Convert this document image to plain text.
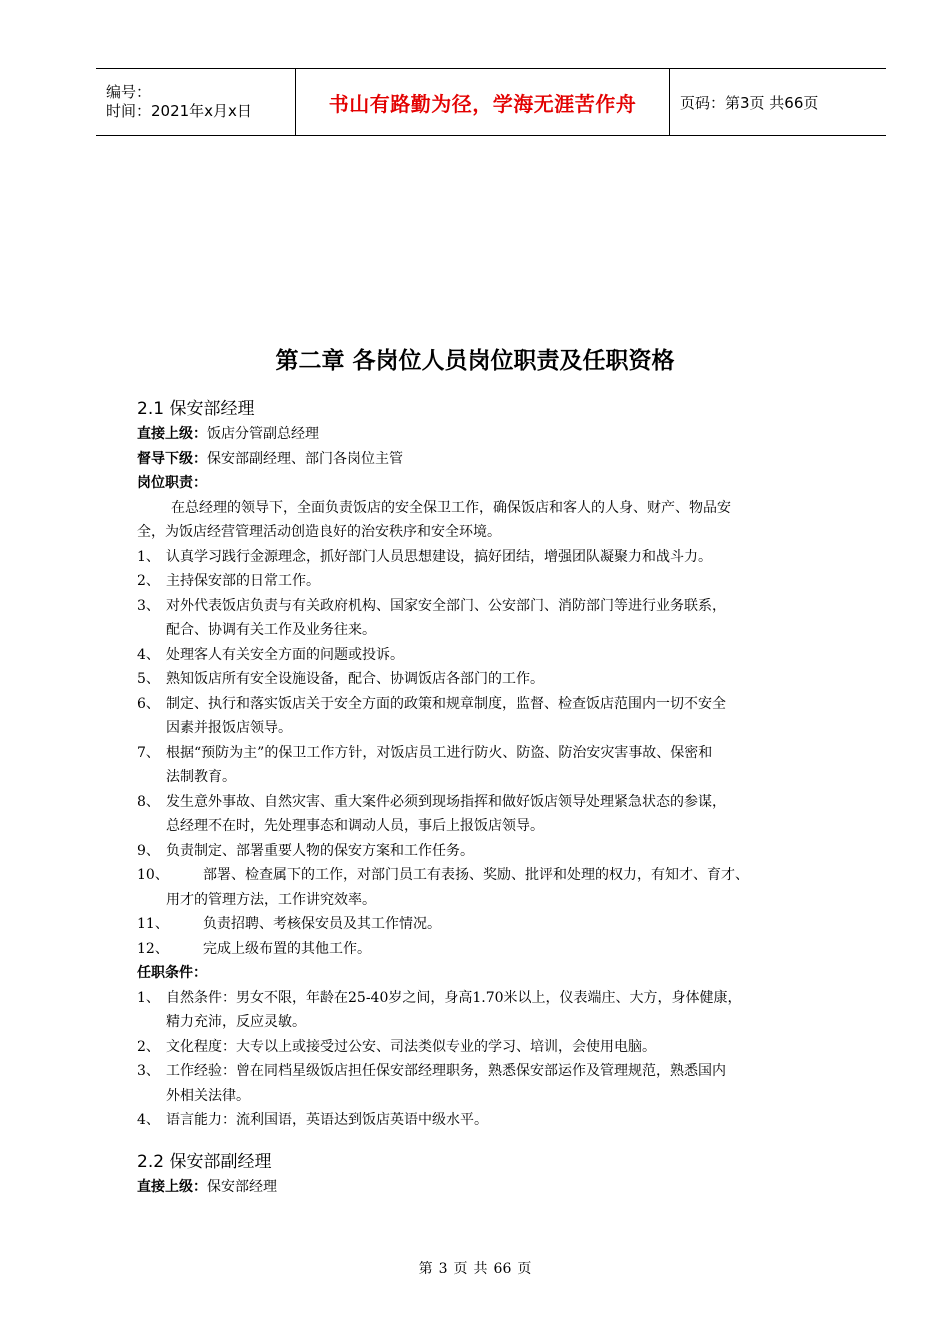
编号：
时间：2021年x月x日	书山有路勤为径，学海无涯苦作舟	页码：第3页 共66页
第二章 各岗位人员岗位职责及任职资格
2.1 保安部经理
直接上级：饭店分管副总经理
督导下级：保安部副经理、部门各岗位主管
岗位职责：
在总经理的领导下，全面负责饭店的安全保卫工作，确保饭店和客人的人身、财产、物品安
全，为饭店经营管理活动创造良好的治安秩序和安全环境。
1、 认真学习践行金源理念，抓好部门人员思想建设，搞好团结，增强团队凝聚力和战斗力。
2、 主持保安部的日常工作。
3、 对外代表饭店负责与有关政府机构、国家安全部门、公安部门、消防部门等进行业务联系，
配合、协调有关工作及业务往来。
4、 处理客人有关安全方面的问题或投诉。
5、 熟知饭店所有安全设施设备，配合、协调饭店各部门的工作。
6、 制定、执行和落实饭店关于安全方面的政策和规章制度，监督、检查饭店范围内一切不安全
因素并报饭店领导。
7、 根据“预防为主”的保卫工作方针，对饭店员工进行防火、防盗、防治安灾害事故、保密和
法制教育。
8、 发生意外事故、自然灾害、重大案件必须到现场指挥和做好饭店领导处理紧急状态的参谋，
总经理不在时，先处理事态和调动人员，事后上报饭店领导。
9、 负责制定、部署重要人物的保安方案和工作任务。
10、	部署、检查属下的工作，对部门员工有表扬、奖励、批评和处理的权力，有知才、育才、
用才的管理方法，工作讲究效率。
11、	负责招聘、考核保安员及其工作情况。
12、	完成上级布置的其他工作。
任职条件：
1、 自然条件：男女不限，年龄在25-40岁之间，身高1.70米以上，仪表端庄、大方，身体健康，
精力充沛，反应灵敏。
2、 文化程度：大专以上或接受过公安、司法类似专业的学习、培训，会使用电脑。
3、 工作经验：曾在同档星级饭店担任保安部经理职务，熟悉保安部运作及管理规范，熟悉国内
外相关法律。
4、 语言能力：流利国语，英语达到饭店英语中级水平。
2.2 保安部副经理
直接上级：保安部经理
第 3 页 共 66 页
